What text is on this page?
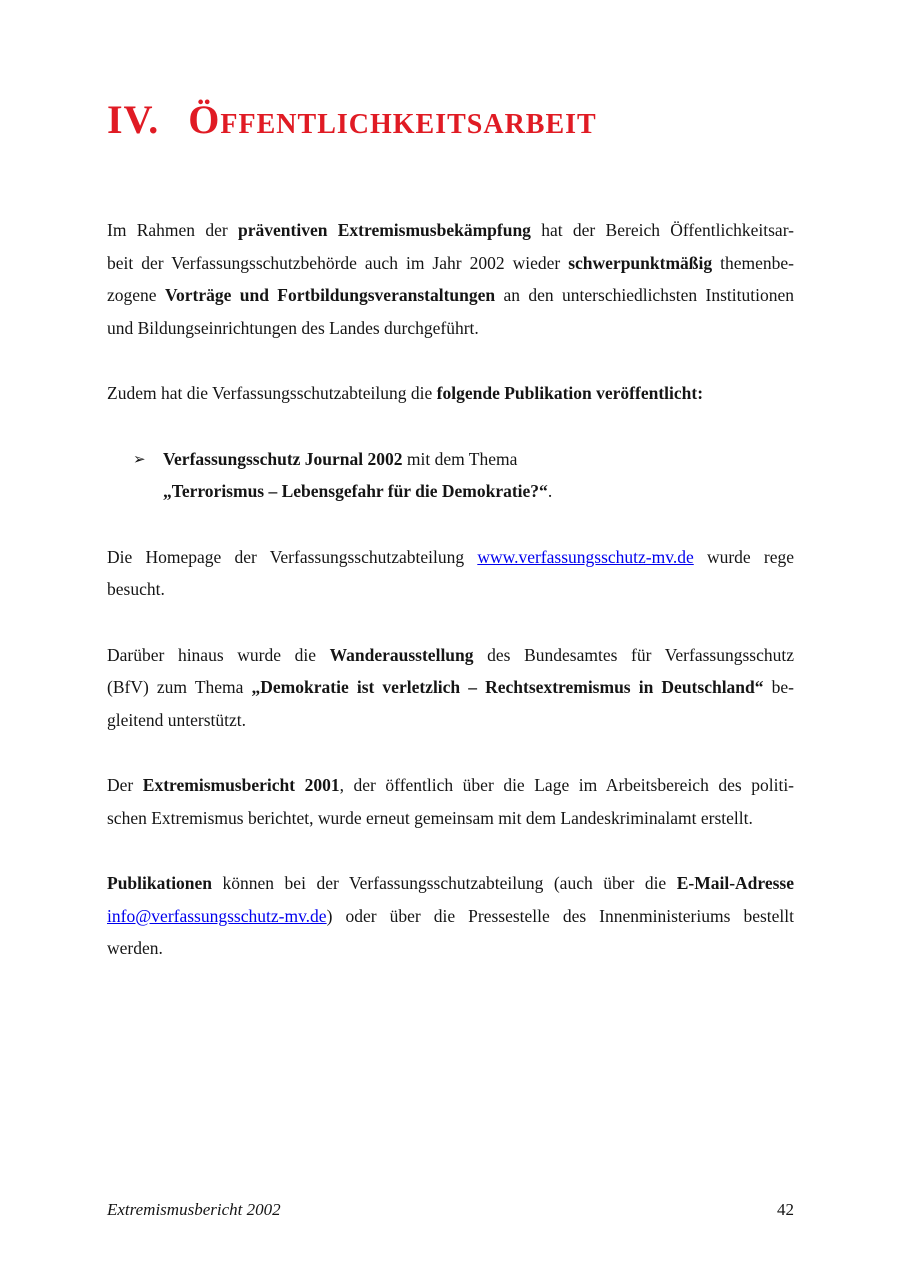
IV. Öffentlichkeitsarbeit
Im Rahmen der präventiven Extremismusbekämpfung hat der Bereich Öffentlichkeitsar-
beit der Verfassungsschutzbehörde auch im Jahr 2002 wieder schwerpunktmäßig themenbe-
zogene Vorträge und Fortbildungsveranstaltungen an den unterschiedlichsten Institutionen
und Bildungseinrichtungen des Landes durchgeführt.
Zudem hat die Verfassungsschutzabteilung die folgende Publikation veröffentlicht:
➢ Verfassungsschutz Journal 2002 mit dem Thema
„Terrorismus – Lebensgefahr für die Demokratie?“.
Die Homepage der Verfassungsschutzabteilung www.verfassungsschutz-mv.de wurde rege
besucht.
Darüber hinaus wurde die Wanderausstellung des Bundesamtes für Verfassungsschutz
(BfV) zum Thema „Demokratie ist verletzlich – Rechtsextremismus in Deutschland“ be-
gleitend unterstützt.
Der Extremismusbericht 2001, der öffentlich über die Lage im Arbeitsbereich des politi-
schen Extremismus berichtet, wurde erneut gemeinsam mit dem Landeskriminalamt erstellt.
Publikationen können bei der Verfassungsschutzabteilung (auch über die E-Mail-Adresse
info@verfassungsschutz-mv.de) oder über die Pressestelle des Innenministeriums bestellt
werden.
Extremismusbericht 2002	42
